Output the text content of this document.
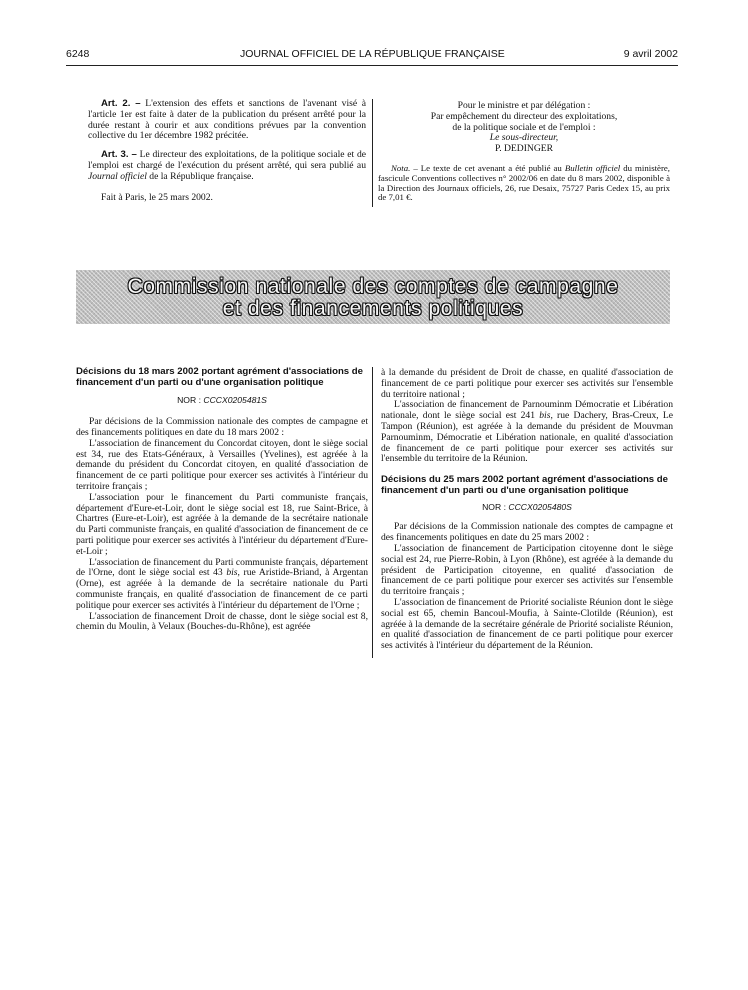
6248	JOURNAL OFFICIEL DE LA RÉPUBLIQUE FRANÇAISE	9 avril 2002

Art. 2. – L'extension des effets et sanctions de l'avenant visé à l'article 1er est faite à dater de la publication du présent arrêté pour la durée restant à courir et aux conditions prévues par la convention collective du 1er décembre 1982 précitée.

Art. 3. – Le directeur des exploitations, de la politique sociale et de l'emploi est chargé de l'exécution du présent arrêté, qui sera publié au Journal officiel de la République française.

Fait à Paris, le 25 mars 2002.

Pour le ministre et par délégation :

Par empêchement du directeur des exploitations,

de la politique sociale et de l'emploi :

Le sous-directeur,

P. DEDINGER

Nota. – Le texte de cet avenant a été publié au Bulletin officiel du ministère, fascicule Conventions collectives n° 2002/06 en date du 8 mars 2002, disponible à la Direction des Journaux officiels, 26, rue Desaix, 75727 Paris Cedex 15, au prix de 7,01 €.

Commission nationale des comptes de campagne
et des financements politiques

Décisions du 18 mars 2002 portant agrément d'associations de financement d'un parti ou d'une organisation politique

NOR : CCCX0205481S

Par décisions de la Commission nationale des comptes de campagne et des financements politiques en date du 18 mars 2002 :

L'association de financement du Concordat citoyen, dont le siège social est 34, rue des Etats-Généraux, à Versailles (Yvelines), est agréée à la demande du président du Concordat citoyen, en qualité d'association de financement de ce parti politique pour exercer ses activités à l'intérieur du territoire français ;

L'association pour le financement du Parti communiste français, département d'Eure-et-Loir, dont le siège social est 18, rue Saint-Brice, à Chartres (Eure-et-Loir), est agréée à la demande de la secrétaire nationale du Parti communiste français, en qualité d'association de financement de ce parti politique pour exercer ses activités à l'intérieur du département d'Eure-et-Loir ;

L'association de financement du Parti communiste français, département de l'Orne, dont le siège social est 43 bis, rue Aristide-Briand, à Argentan (Orne), est agréée à la demande de la secrétaire nationale du Parti communiste français, en qualité d'association de financement de ce parti politique pour exercer ses activités à l'intérieur du département de l'Orne ;

L'association de financement Droit de chasse, dont le siège social est 8, chemin du Moulin, à Velaux (Bouches-du-Rhône), est agréée

à la demande du président de Droit de chasse, en qualité d'association de financement de ce parti politique pour exercer ses activités sur l'ensemble du territoire national ;

L'association de financement de Parnouminm Démocratie et Libération nationale, dont le siège social est 241 bis, rue Dachery, Bras-Creux, Le Tampon (Réunion), est agréée à la demande du président de Mouvman Parnouminm, Démocratie et Libération nationale, en qualité d'association de financement de ce parti politique pour exercer ses activités sur l'ensemble du territoire de la Réunion.

Décisions du 25 mars 2002 portant agrément d'associations de financement d'un parti ou d'une organisation politique

NOR : CCCX0205480S

Par décisions de la Commission nationale des comptes de campagne et des financements politiques en date du 25 mars 2002 :

L'association de financement de Participation citoyenne dont le siège social est 24, rue Pierre-Robin, à Lyon (Rhône), est agréée à la demande du président de Participation citoyenne, en qualité d'association de financement de ce parti politique pour exercer ses activités sur l'ensemble du territoire français ;

L'association de financement de Priorité socialiste Réunion dont le siège social est 65, chemin Bancoul-Moufia, à Sainte-Clotilde (Réunion), est agréée à la demande de la secrétaire générale de Priorité socialiste Réunion, en qualité d'association de financement de ce parti politique pour exercer ses activités à l'intérieur du département de la Réunion.
